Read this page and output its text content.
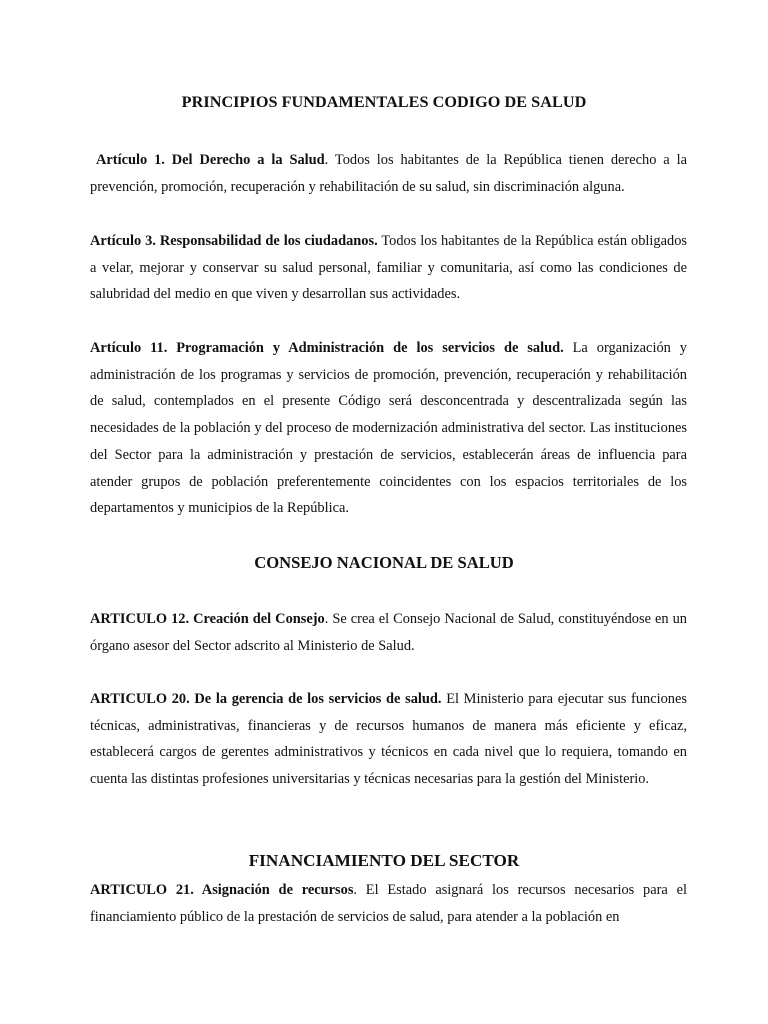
PRINCIPIOS FUNDAMENTALES CODIGO DE SALUD

Artículo 1. Del Derecho a la Salud. Todos los habitantes de la República tienen derecho a la prevención, promoción, recuperación y rehabilitación de su salud, sin discriminación alguna.

Artículo 3. Responsabilidad de los ciudadanos. Todos los habitantes de la República están obligados a velar, mejorar y conservar su salud personal, familiar y comunitaria, así como las condiciones de salubridad del medio en que viven y desarrollan sus actividades.

Artículo 11. Programación y Administración de los servicios de salud. La organización y administración de los programas y servicios de promoción, prevención, recuperación y rehabilitación de salud, contemplados en el presente Código será desconcentrada y descentralizada según las necesidades de la población y del proceso de modernización administrativa del sector. Las instituciones del Sector para la administración y prestación de servicios, establecerán áreas de influencia para atender grupos de población preferentemente coincidentes con los espacios territoriales de los departamentos y municipios de la República.

CONSEJO NACIONAL DE SALUD

ARTICULO 12. Creación del Consejo. Se crea el Consejo Nacional de Salud, constituyéndose en un órgano asesor del Sector adscrito al Ministerio de Salud.

ARTICULO 20. De la gerencia de los servicios de salud. El Ministerio para ejecutar sus funciones técnicas, administrativas, financieras y de recursos humanos de manera más eficiente y eficaz, establecerá cargos de gerentes administrativos y técnicos en cada nivel que lo requiera, tomando en cuenta las distintas profesiones universitarias y técnicas necesarias para la gestión del Ministerio.

FINANCIAMIENTO DEL SECTOR

ARTICULO 21. Asignación de recursos. El Estado asignará los recursos necesarios para el financiamiento público de la prestación de servicios de salud, para atender a la población en
